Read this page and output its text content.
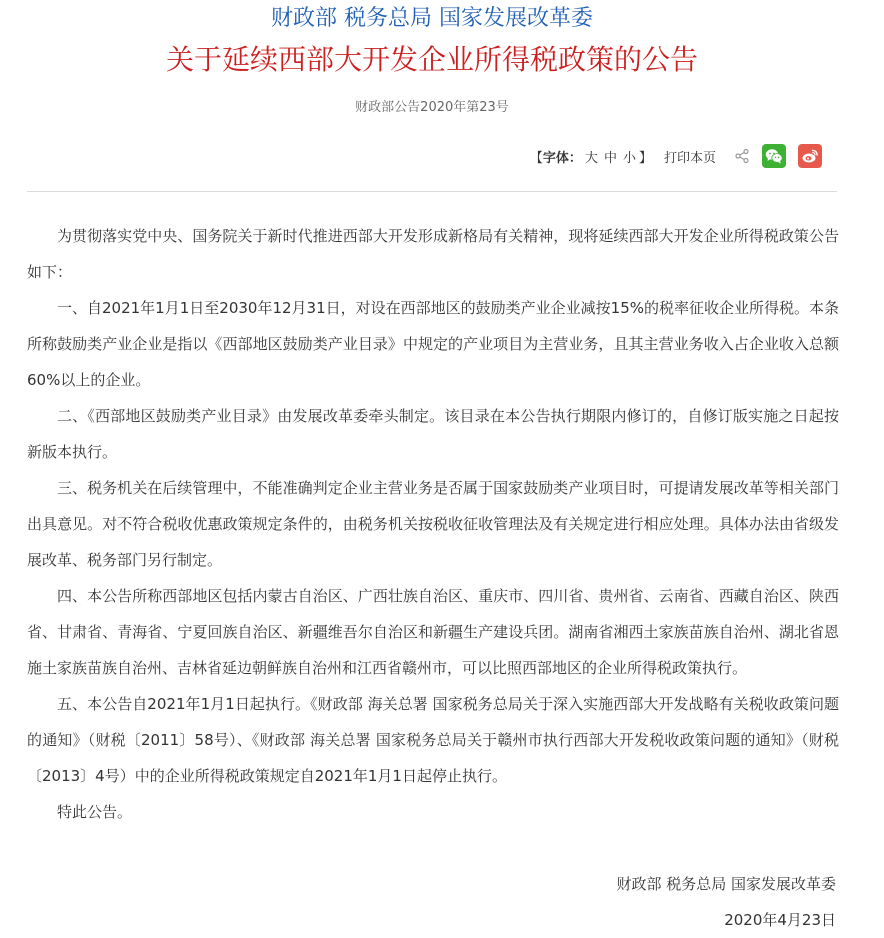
财政部 税务总局 国家发展改革委
关于延续西部大开发企业所得税政策的公告
财政部公告2020年第23号
【 字体： 大 中 小 】 打印本页

为贯彻落实党中央、国务院关于新时代推进西部大开发形成新格局有关精神，现将延续西部大开发企业所得税政策公告如下：

一、自2021年1月1日至2030年12月31日，对设在西部地区的鼓励类产业企业减按15%的税率征收企业所得税。本条所称鼓励类产业企业是指以《西部地区鼓励类产业目录》中规定的产业项目为主营业务，且其主营业务收入占企业收入总额60%以上的企业。

二、《西部地区鼓励类产业目录》由发展改革委牵头制定。该目录在本公告执行期限内修订的，自修订版实施之日起按新版本执行。

三、税务机关在后续管理中，不能准确判定企业主营业务是否属于国家鼓励类产业项目时，可提请发展改革等相关部门出具意见。对不符合税收优惠政策规定条件的，由税务机关按税收征收管理法及有关规定进行相应处理。具体办法由省级发展改革、税务部门另行制定。

四、本公告所称西部地区包括内蒙古自治区、广西壮族自治区、重庆市、四川省、贵州省、云南省、西藏自治区、陕西省、甘肃省、青海省、宁夏回族自治区、新疆维吾尔自治区和新疆生产建设兵团。湖南省湘西土家族苗族自治州、湖北省恩施土家族苗族自治州、吉林省延边朝鲜族自治州和江西省赣州市，可以比照西部地区的企业所得税政策执行。

五、本公告自2021年1月1日起执行。《财政部 海关总署 国家税务总局关于深入实施西部大开发战略有关税收政策问题的通知》（财税〔2011〕58号）、《财政部 海关总署 国家税务总局关于赣州市执行西部大开发税收政策问题的通知》（财税〔2013〕4号）中的企业所得税政策规定自2021年1月1日起停止执行。

特此公告。

财政部 税务总局 国家发展改革委
2020年4月23日
